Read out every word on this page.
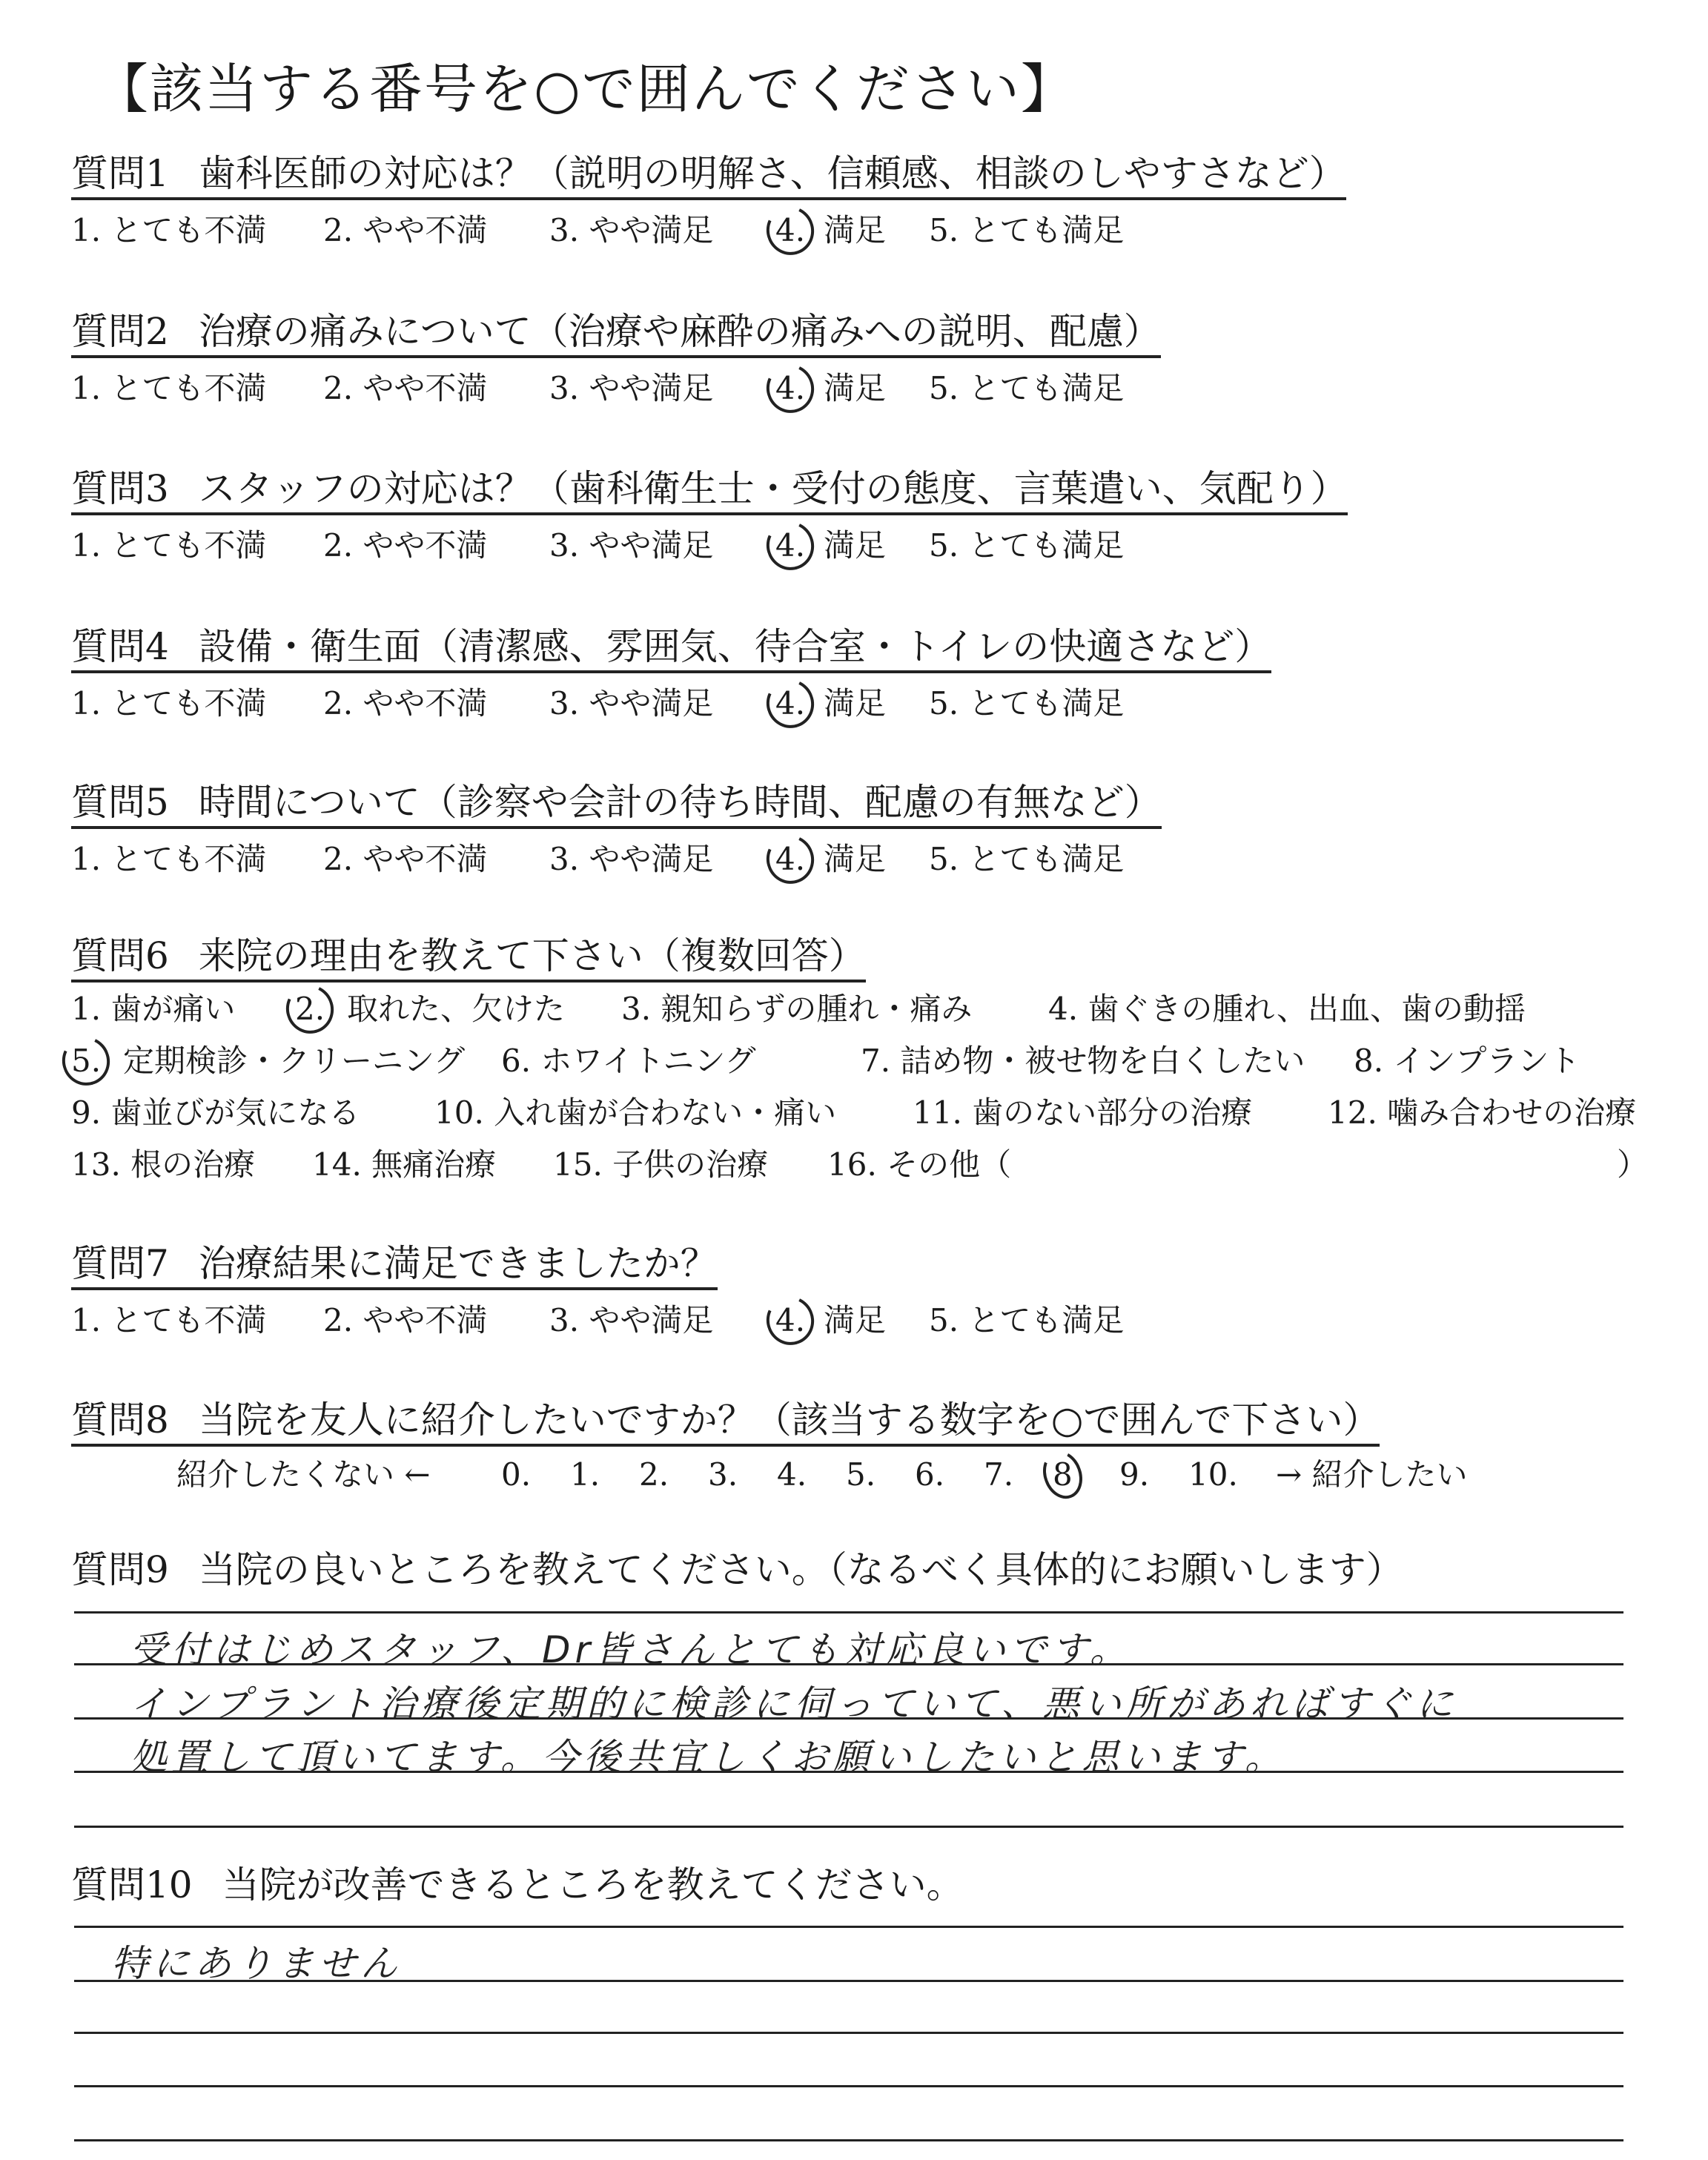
【該当する番号を○で囲んでください】
質問1 歯科医師の対応は？（説明の明解さ、信頼感、相談のしやすさなど）
1. とても不満 2. やや不満 3. やや満足 4. 満足 5. とても満足
質問2 治療の痛みについて（治療や麻酔の痛みへの説明、配慮）
1. とても不満 2. やや不満 3. やや満足 4. 満足 5. とても満足
質問3 スタッフの対応は？（歯科衛生士・受付の態度、言葉遣い、気配り）
1. とても不満 2. やや不満 3. やや満足 4. 満足 5. とても満足
質問4 設備・衛生面（清潔感、雰囲気、待合室・トイレの快適さなど）
1. とても不満 2. やや不満 3. やや満足 4. 満足 5. とても満足
質問5 時間について（診察や会計の待ち時間、配慮の有無など）
1. とても不満 2. やや不満 3. やや満足 4. 満足 5. とても満足
質問6 来院の理由を教えて下さい（複数回答）
1. 歯が痛い 2. 取れた、欠けた 3. 親知らずの腫れ・痛み 4. 歯ぐきの腫れ、出血、歯の動揺
5. 定期検診・クリーニング 6. ホワイトニング	7. 詰め物・被せ物を白くしたい 8. インプラント
9. 歯並びが気になる 10. 入れ歯が合わない・痛い 11. 歯のない部分の治療 12. 噛み合わせの治療
13. 根の治療 14. 無痛治療 15. 子供の治療 16. その他（	）
質問7 治療結果に満足できましたか？
1. とても不満 2. やや不満 3. やや満足 4. 満足 5. とても満足
質問8 当院を友人に紹介したいですか？（該当する数字を○で囲んで下さい）
紹介したくない ← 0. 1. 2. 3. 4. 5. 6. 7. 8 9. 10. → 紹介したい
質問9 当院の良いところを教えてください。（なるべく具体的にお願いします）
受付はじめスタッフ、Dr皆さんとても対応良いです。
インプラント治療後定期的に検診に伺っていて、悪い所があればすぐに
処置して頂いてます。今後共宜しくお願いしたいと思います。
質問10 当院が改善できるところを教えてください。
特にありません
